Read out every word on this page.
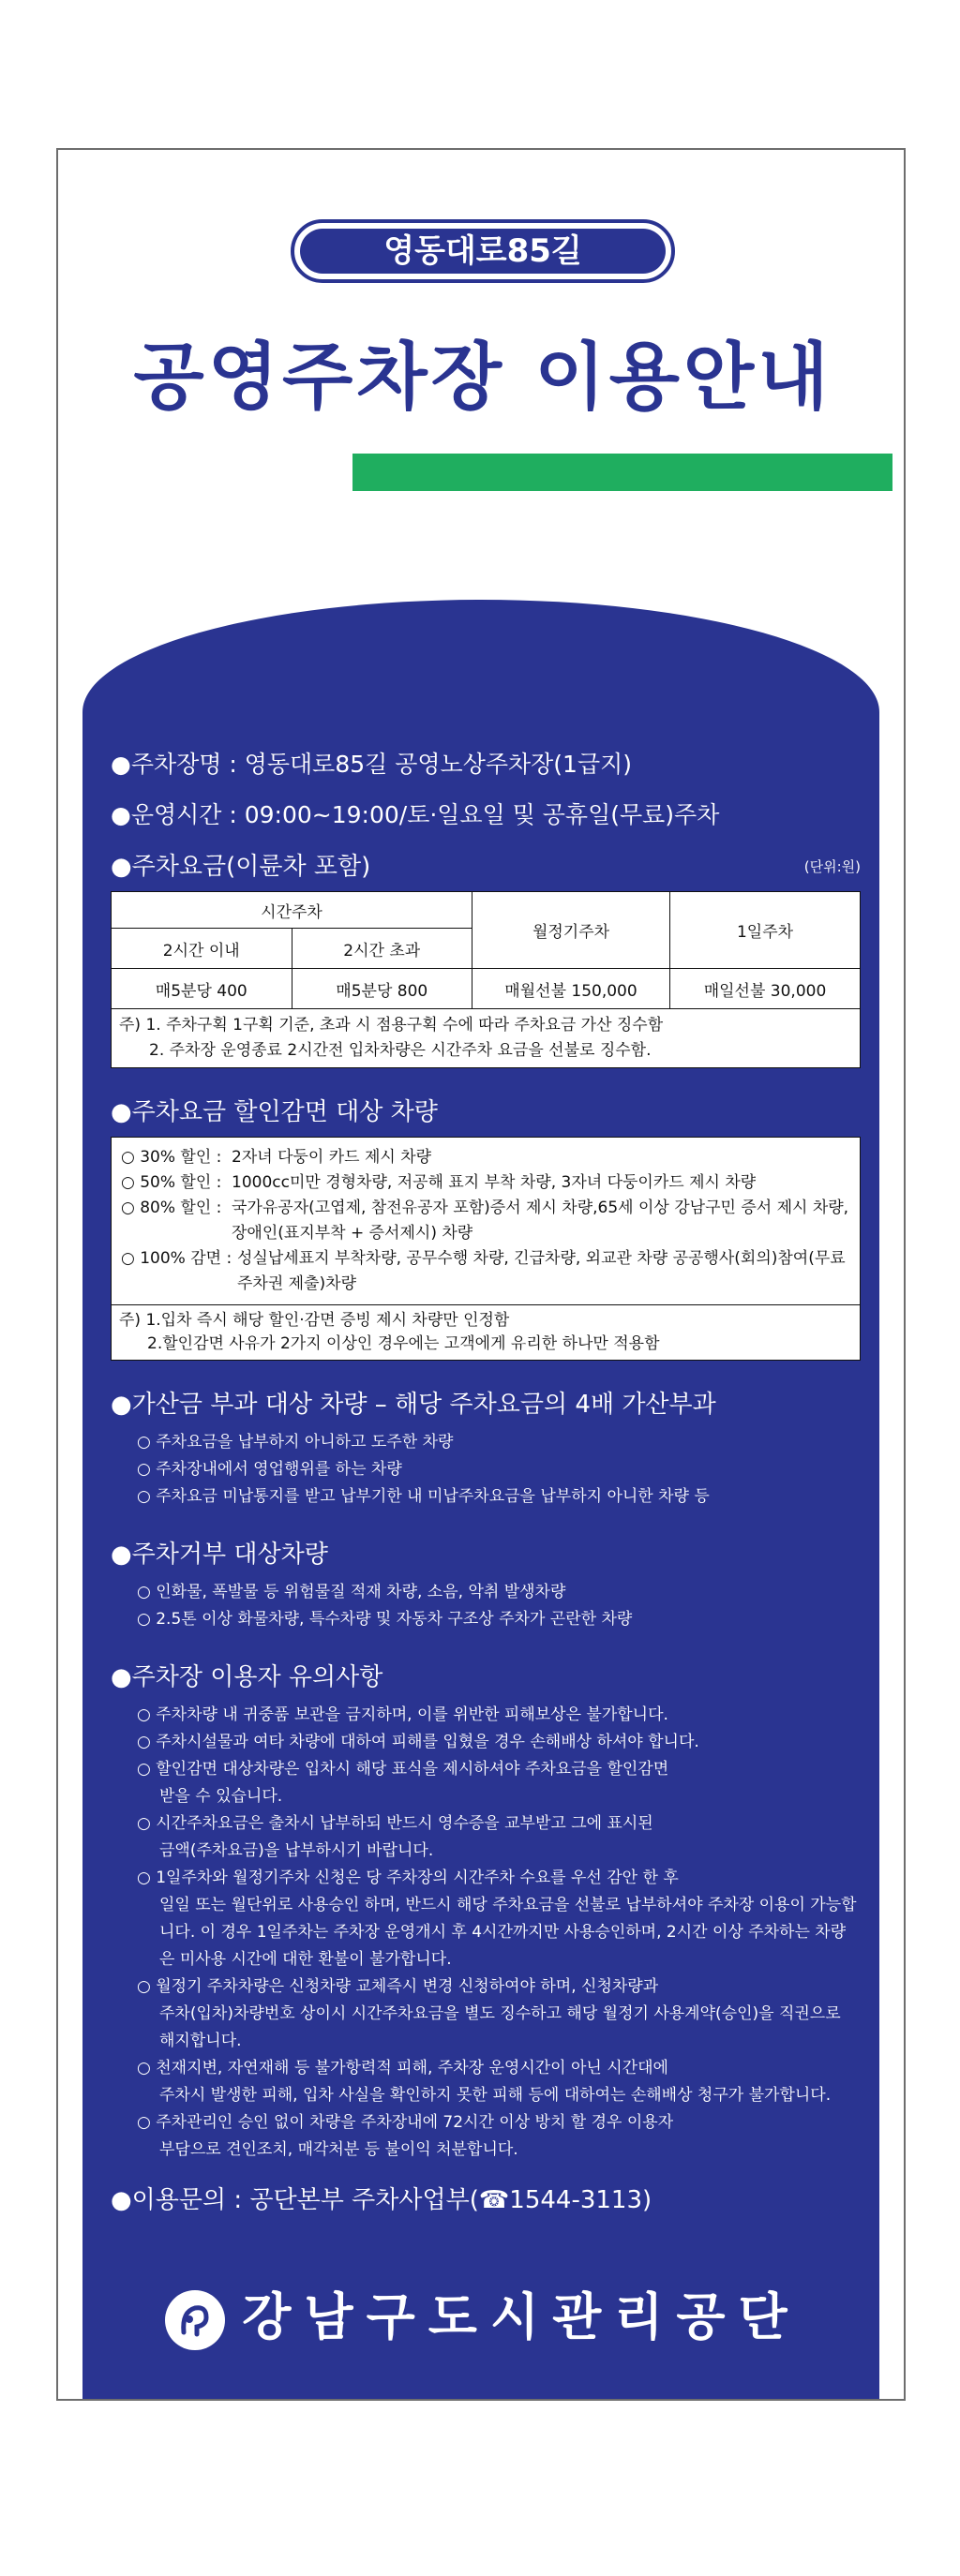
영동대로85길
공영주차장 이용안내
●주차장명 : 영동대로85길 공영노상주차장(1급지)
●운영시간 : 09:00~19:00/토·일요일 및 공휴일(무료)주차
●주차요금(이륜차 포함)	(단위:원)
시간주차		월정기주차	1일주차
2시간 이내	2시간 초과		
매5분당 400	매5분당 800	매월선불 150,000	매일선불 30,000
주) 1. 주차구획 1구획 기준, 초과 시 점용구획 수에 따라 주차요금 가산 징수함
2. 주차장 운영종료 2시간전 입차차량은 시간주차 요금을 선불로 징수함.
●주차요금 할인감면 대상 차량
○ 30% 할인 : 2자녀 다둥이 카드 제시 차량
○ 50% 할인 : 1000cc미만 경형차량, 저공해 표지 부착 차량, 3자녀 다둥이카드 제시 차량
○ 80% 할인 : 국가유공자(고엽제, 참전유공자 포함)증서 제시 차량,65세 이상 강남구민 증서 제시 차량, 장애인(표지부착 + 증서제시) 차량
○ 100% 감면 : 성실납세표지 부착차량, 공무수행 차량, 긴급차량, 외교관 차량 공공행사(회의)참여(무료주차권 제출)차량
주) 1.입차 즉시 해당 할인·감면 증빙 제시 차량만 인정함
2.할인감면 사유가 2가지 이상인 경우에는 고객에게 유리한 하나만 적용함
●가산금 부과 대상 차량 – 해당 주차요금의 4배 가산부과
○ 주차요금을 납부하지 아니하고 도주한 차량
○ 주차장내에서 영업행위를 하는 차량
○ 주차요금 미납통지를 받고 납부기한 내 미납주차요금을 납부하지 아니한 차량 등
●주차거부 대상차량
○ 인화물, 폭발물 등 위험물질 적재 차량, 소음, 악취 발생차량
○ 2.5톤 이상 화물차량, 특수차량 및 자동차 구조상 주차가 곤란한 차량
●주차장 이용자 유의사항
○ 주차차량 내 귀중품 보관을 금지하며, 이를 위반한 피해보상은 불가합니다.
○ 주차시설물과 여타 차량에 대하여 피해를 입혔을 경우 손해배상 하셔야 합니다.
○ 할인감면 대상차량은 입차시 해당 표식을 제시하셔야 주차요금을 할인감면
받을 수 있습니다.
○ 시간주차요금은 출차시 납부하되 반드시 영수증을 교부받고 그에 표시된
금액(주차요금)을 납부하시기 바랍니다.
○ 1일주차와 월정기주차 신청은 당 주차장의 시간주차 수요를 우선 감안 한 후
일일 또는 월단위로 사용승인 하며, 반드시 해당 주차요금을 선불로 납부하셔야 주차장 이용이 가능합니다. 이 경우 1일주차는 주차장 운영개시 후 4시간까지만 사용승인하며, 2시간 이상 주차하는 차량은 미사용 시간에 대한 환불이 불가합니다.
○ 월정기 주차차량은 신청차량 교체즉시 변경 신청하여야 하며, 신청차량과
주차(입차)차량번호 상이시 시간주차요금을 별도 징수하고 해당 월정기 사용계약(승인)을 직권으로 해지합니다.
○ 천재지변, 자연재해 등 불가항력적 피해, 주차장 운영시간이 아닌 시간대에
주차시 발생한 피해, 입차 사실을 확인하지 못한 피해 등에 대하여는 손해배상 청구가 불가합니다.
○ 주차관리인 승인 없이 차량을 주차장내에 72시간 이상 방치 할 경우 이용자
부담으로 견인조치, 매각처분 등 불이익 처분합니다.
●이용문의 : 공단본부 주차사업부(☎1544-3113)
강남구도시관리공단
